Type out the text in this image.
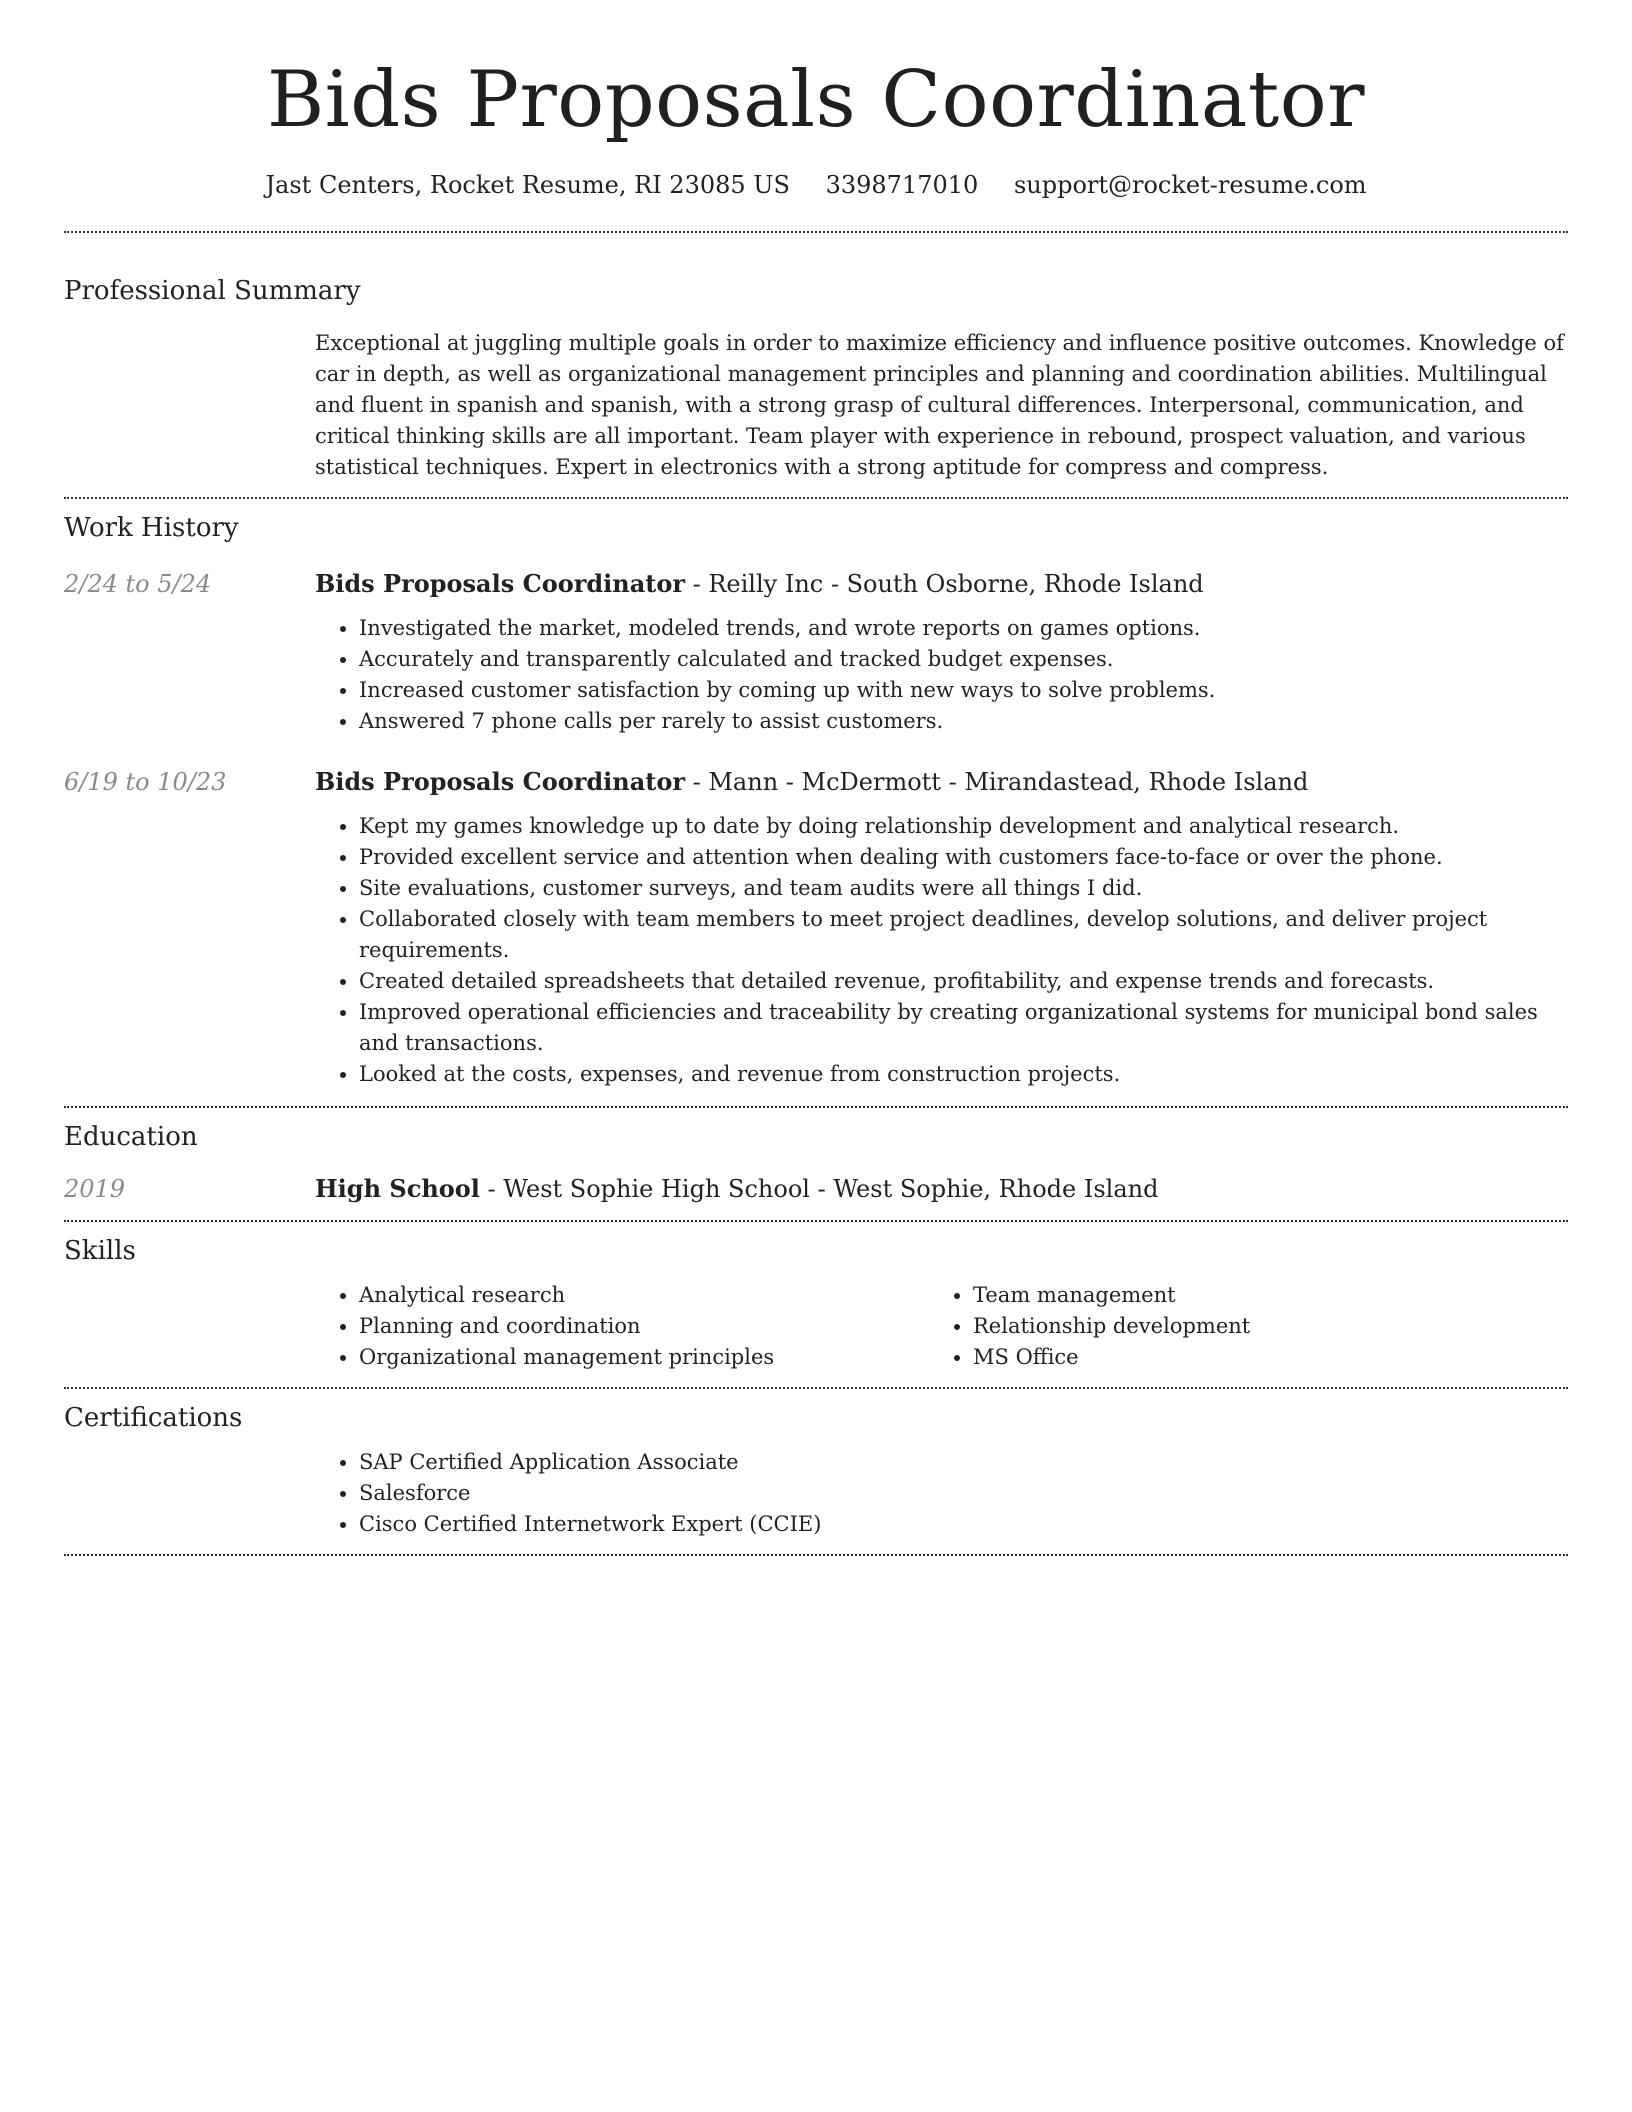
Bids Proposals Coordinator
Jast Centers, Rocket Resume, RI 23085 US 3398717010 support@rocket-resume.com
Professional Summary
Exceptional at juggling multiple goals in order to maximize efficiency and influence positive outcomes. Knowledge of car in depth, as well as organizational management principles and planning and coordination abilities. Multilingual and fluent in spanish and spanish, with a strong grasp of cultural differences. Interpersonal, communication, and critical thinking skills are all important. Team player with experience in rebound, prospect valuation, and various statistical techniques. Expert in electronics with a strong aptitude for compress and compress.
Work History
2/24 to 5/24	Bids Proposals Coordinator - Reilly Inc - South Osborne, Rhode Island
• Investigated the market, modeled trends, and wrote reports on games options.
• Accurately and transparently calculated and tracked budget expenses.
• Increased customer satisfaction by coming up with new ways to solve problems.
• Answered 7 phone calls per rarely to assist customers.
6/19 to 10/23	Bids Proposals Coordinator - Mann - McDermott - Mirandastead, Rhode Island
• Kept my games knowledge up to date by doing relationship development and analytical research.
• Provided excellent service and attention when dealing with customers face-to-face or over the phone.
• Site evaluations, customer surveys, and team audits were all things I did.
• Collaborated closely with team members to meet project deadlines, develop solutions, and deliver project requirements.
• Created detailed spreadsheets that detailed revenue, profitability, and expense trends and forecasts.
• Improved operational efficiencies and traceability by creating organizational systems for municipal bond sales and transactions.
• Looked at the costs, expenses, and revenue from construction projects.
Education
2019	High School - West Sophie High School - West Sophie, Rhode Island
Skills
• Analytical research
• Planning and coordination
• Organizational management principles
• Team management
• Relationship development
• MS Office
Certifications
• SAP Certified Application Associate
• Salesforce
• Cisco Certified Internetwork Expert (CCIE)
